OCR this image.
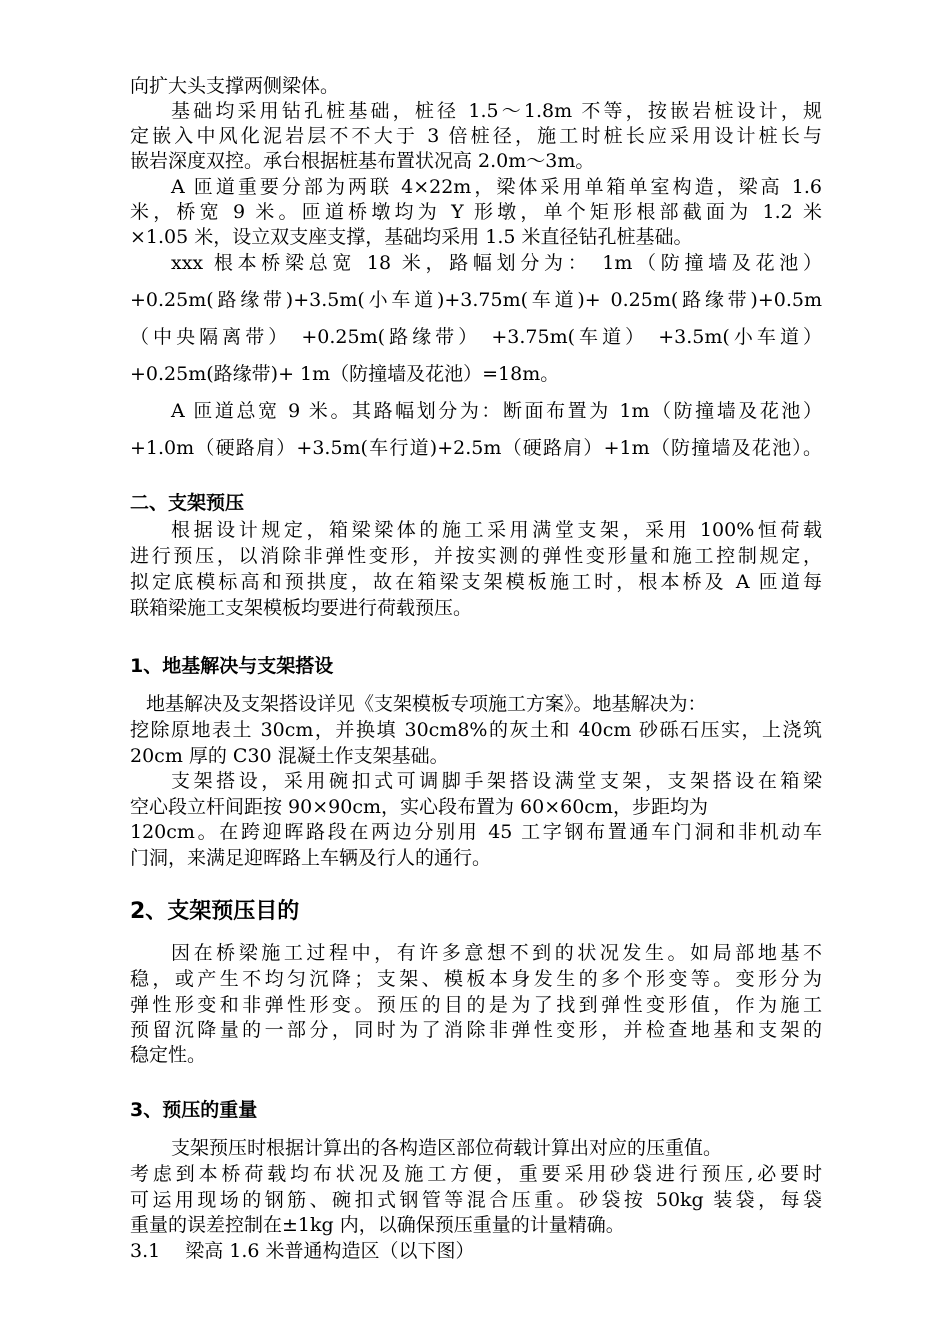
向扩大头支撑两侧梁体。
基础均采用钻孔桩基础，桩径 1.5～1.8m 不等，按嵌岩桩设计，规
定嵌入中风化泥岩层不不大于 3 倍桩径，施工时桩长应采用设计桩长与
嵌岩深度双控。承台根据桩基布置状况高 2.0m～3m。
A 匝道重要分部为两联 4×22m，梁体采用单箱单室构造，梁高 1.6
米，桥宽 9 米。匝道桥墩均为 Y 形墩，单个矩形根部截面为 1.2 米
×1.05 米，设立双支座支撑，基础均采用 1.5 米直径钻孔桩基础。
xxx 根本桥梁总宽 18 米，路幅划分为： 1m（防撞墙及花池）
+0.25m(路缘带)+3.5m(小车道)+3.75m(车道)+ 0.25m(路缘带)+0.5m
（中央隔离带） +0.25m(路缘带） +3.75m(车道） +3.5m(小车道）
+0.25m(路缘带)+ 1m（防撞墙及花池）=18m。
A 匝道总宽 9 米。其路幅划分为：断面布置为 1m（防撞墙及花池）
+1.0m（硬路肩）+3.5m(车行道)+2.5m（硬路肩）+1m（防撞墙及花池）。
二、支架预压
根据设计规定，箱梁梁体的施工采用满堂支架，采用 100%恒荷载
进行预压，以消除非弹性变形，并按实测的弹性变形量和施工控制规定，
拟定底模标高和预拱度，故在箱梁支架模板施工时，根本桥及 A 匝道每
联箱梁施工支架模板均要进行荷载预压。
1、地基解决与支架搭设
地基解决及支架搭设详见《支架模板专项施工方案》。地基解决为：
挖除原地表土 30cm，并换填 30cm8%的灰土和 40cm 砂砾石压实，上浇筑
20cm 厚的 C30 混凝土作支架基础。
支架搭设，采用碗扣式可调脚手架搭设满堂支架，支架搭设在箱梁
空心段立杆间距按 90×90cm，实心段布置为 60×60cm，步距均为
120cm。在跨迎晖路段在两边分别用 45 工字钢布置通车门洞和非机动车
门洞，来满足迎晖路上车辆及行人的通行。
2、支架预压目的
因在桥梁施工过程中，有许多意想不到的状况发生。如局部地基不
稳，或产生不均匀沉降；支架、模板本身发生的多个形变等。变形分为
弹性形变和非弹性形变。预压的目的是为了找到弹性变形值，作为施工
预留沉降量的一部分，同时为了消除非弹性变形，并检查地基和支架的
稳定性。
3、预压的重量
支架预压时根据计算出的各构造区部位荷载计算出对应的压重值。
考虑到本桥荷载均布状况及施工方便，重要采用砂袋进行预压,必要时
可运用现场的钢筋、碗扣式钢管等混合压重。砂袋按 50kg 装袋，每袋
重量的误差控制在±1kg 内，以确保预压重量的计量精确。
3.1 　梁高 1.6 米普通构造区（以下图）
